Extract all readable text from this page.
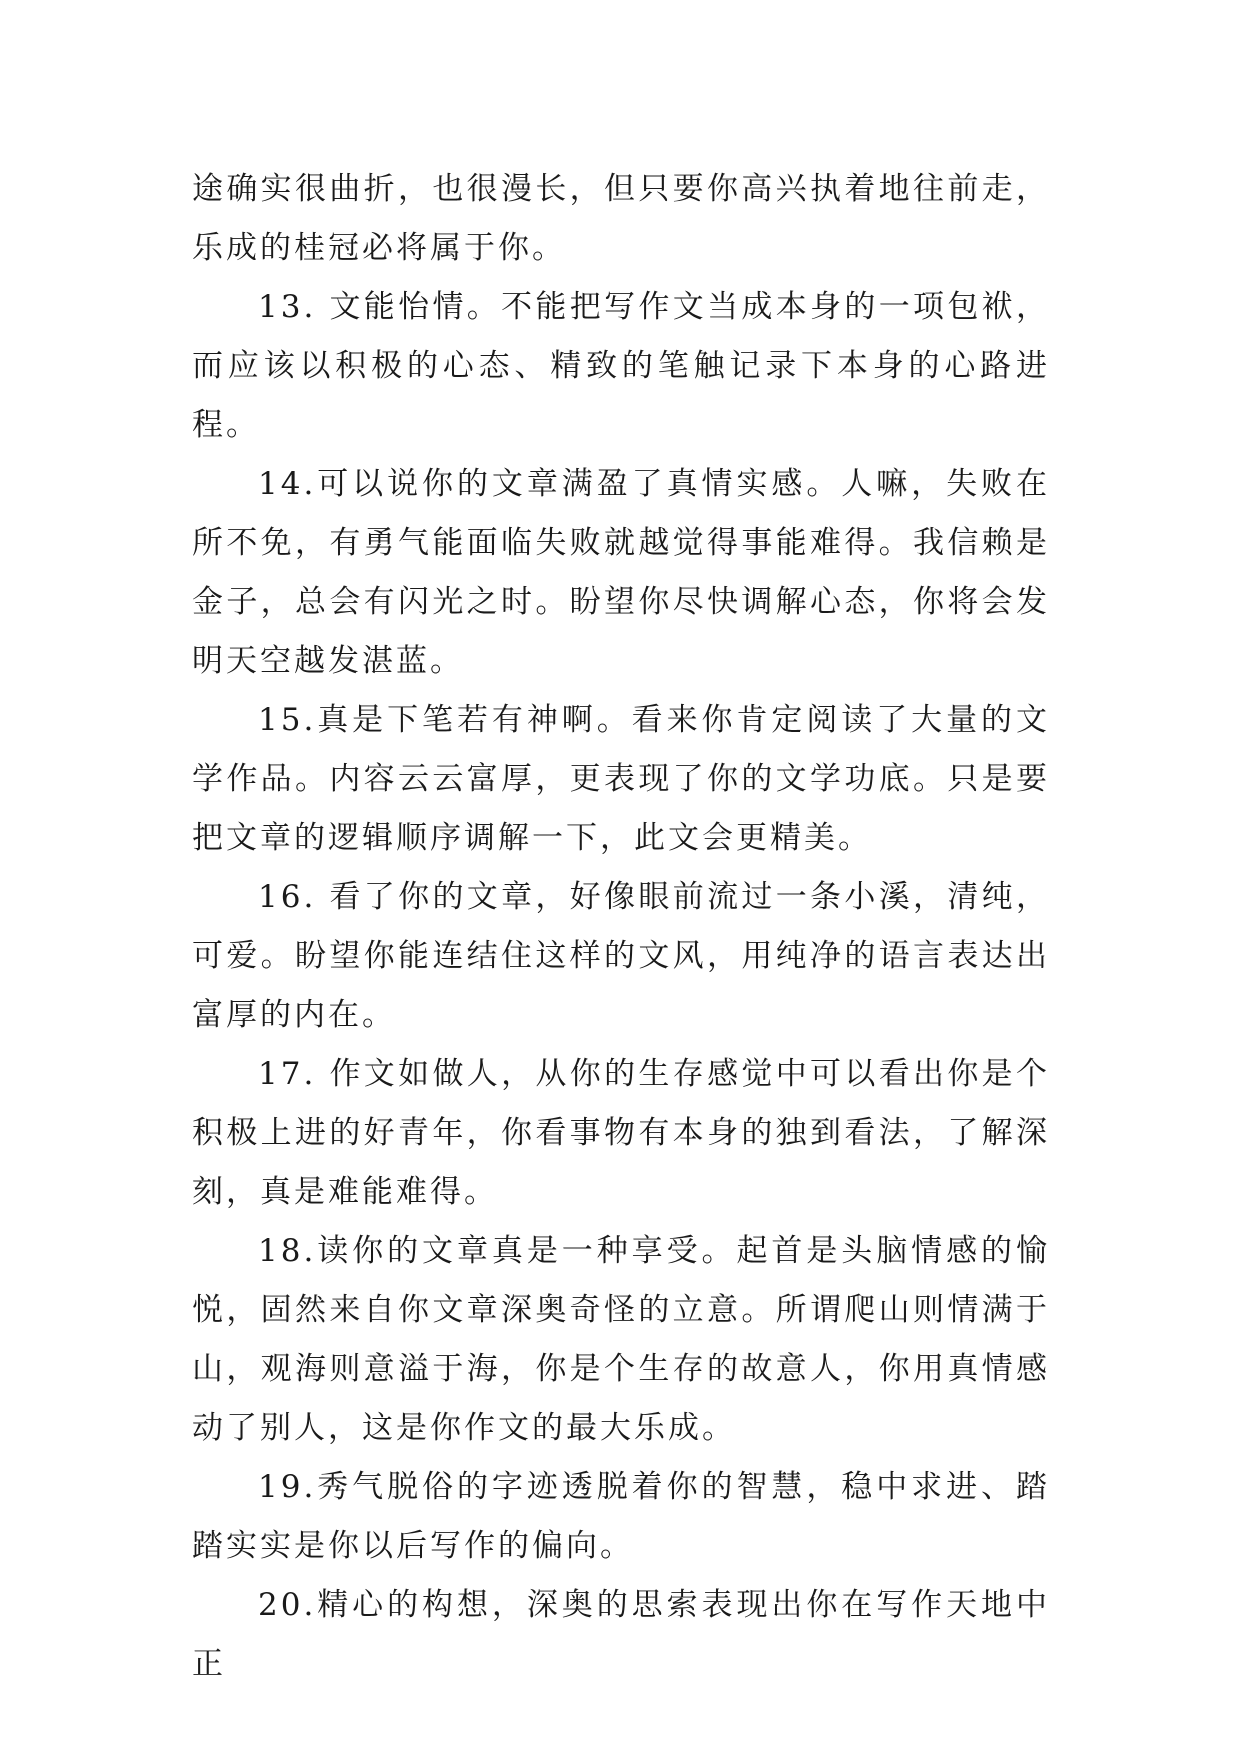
途确实很曲折，也很漫长，但只要你高兴执着地往前走，乐成的桂冠必将属于你。

13. 文能怡情。不能把写作文当成本身的一项包袱，而应该以积极的心态、精致的笔触记录下本身的心路进程。

14.可以说你的文章满盈了真情实感。人嘛，失败在所不免，有勇气能面临失败就越觉得事能难得。我信赖是金子，总会有闪光之时。盼望你尽快调解心态，你将会发明天空越发湛蓝。

15.真是下笔若有神啊。看来你肯定阅读了大量的文学作品。内容云云富厚，更表现了你的文学功底。只是要把文章的逻辑顺序调解一下，此文会更精美。

16. 看了你的文章，好像眼前流过一条小溪，清纯，可爱。盼望你能连结住这样的文风，用纯净的语言表达出富厚的内在。

17. 作文如做人，从你的生存感觉中可以看出你是个积极上进的好青年，你看事物有本身的独到看法，了解深刻，真是难能难得。

18.读你的文章真是一种享受。起首是头脑情感的愉悦，固然来自你文章深奥奇怪的立意。所谓爬山则情满于山，观海则意溢于海，你是个生存的故意人，你用真情感动了别人，这是你作文的最大乐成。

19.秀气脱俗的字迹透脱着你的智慧，稳中求进、踏踏实实是你以后写作的偏向。

20.精心的构想，深奥的思索表现出你在写作天地中正
